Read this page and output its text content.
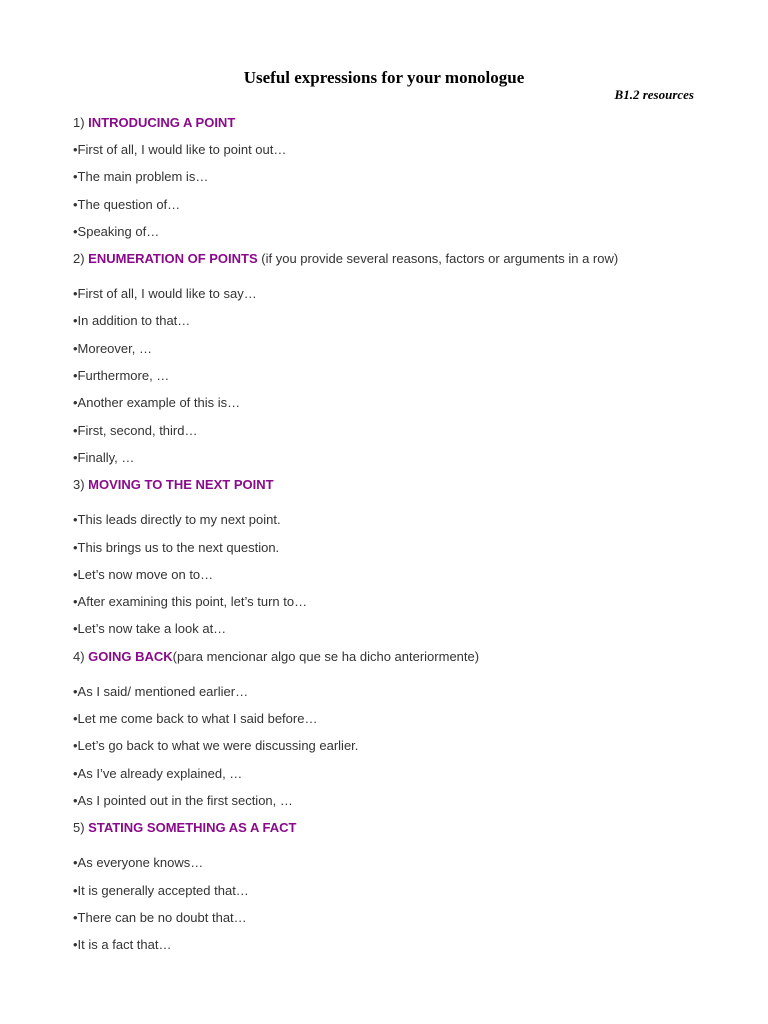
Useful expressions for your monologue
B1.2 resources
1) INTRODUCING A POINT
•First of all, I would like to point out…
•The main problem is…
•The question of…
•Speaking of…
2) ENUMERATION OF POINTS (if you provide several reasons, factors or arguments in a row)
•First of all, I would like to say…
•In addition to that…
•Moreover, …
•Furthermore, …
•Another example of this is…
•First, second, third…
•Finally, …
3) MOVING TO THE NEXT POINT
•This leads directly to my next point.
•This brings us to the next question.
•Let’s now move on to…
•After examining this point, let’s turn to…
•Let’s now take a look at…
4) GOING BACK(para mencionar algo que se ha dicho anteriormente)
•As I said/ mentioned earlier…
•Let me come back to what I said before…
•Let’s go back to what we were discussing earlier.
•As I’ve already explained, …
•As I pointed out in the first section, …
5) STATING SOMETHING AS A FACT
•As everyone knows…
•It is generally accepted that…
•There can be no doubt that…
•It is a fact that…
